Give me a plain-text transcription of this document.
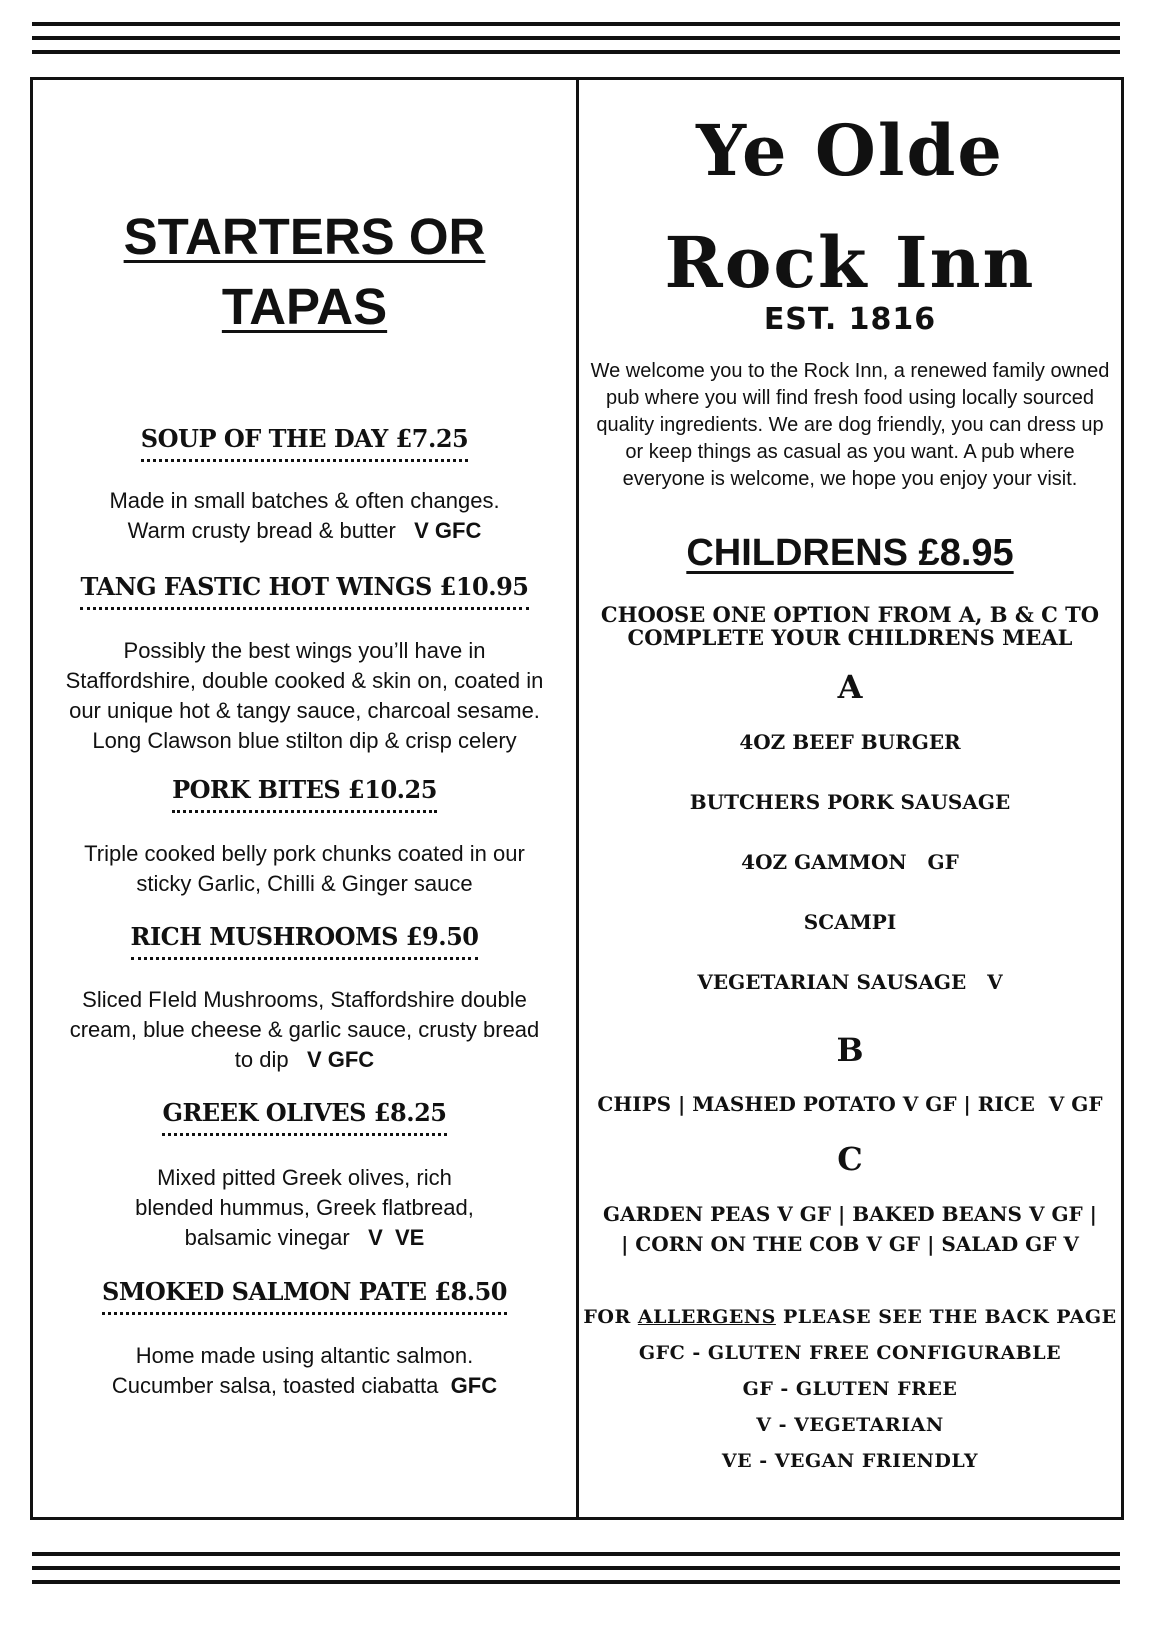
STARTERS OR
TAPAS
SOUP OF THE DAY £7.25
Made in small batches & often changes.
Warm crusty bread & butter V GFC
TANG FASTIC HOT WINGS £10.95
Possibly the best wings you’ll have in
Staffordshire, double cooked & skin on, coated in
our unique hot & tangy sauce, charcoal sesame.
Long Clawson blue stilton dip & crisp celery
PORK BITES £10.25
Triple cooked belly pork chunks coated in our
sticky Garlic, Chilli & Ginger sauce
RICH MUSHROOMS £9.50
Sliced FIeld Mushrooms, Staffordshire double
cream, blue cheese & garlic sauce, crusty bread
to dip V GFC
GREEK OLIVES £8.25
Mixed pitted Greek olives, rich
blended hummus, Greek flatbread,
balsamic vinegar V  VE
SMOKED SALMON PATE £8.50
Home made using altantic salmon.
Cucumber salsa, toasted ciabatta GFC
Ye Olde
Rock Inn
EST. 1816
We welcome you to the Rock Inn, a renewed family owned pub where you will find fresh food using locally sourced quality ingredients. We are dog friendly, you can dress up or keep things as casual as you want. A pub where everyone is welcome, we hope you enjoy your visit.
CHILDRENS £8.95
CHOOSE ONE OPTION FROM A, B & C TO
COMPLETE YOUR CHILDRENS MEAL
A
4OZ BEEF BURGER
BUTCHERS PORK SAUSAGE
4OZ GAMMON   GF
SCAMPI
VEGETARIAN SAUSAGE   V
B
CHIPS | MASHED POTATO V GF | RICE  V GF
C
GARDEN PEAS V GF | BAKED BEANS V GF |
| CORN ON THE COB V GF | SALAD GF V
FOR ALLERGENS PLEASE SEE THE BACK PAGE
GFC - GLUTEN FREE CONFIGURABLE
GF - GLUTEN FREE
V - VEGETARIAN
VE - VEGAN FRIENDLY
